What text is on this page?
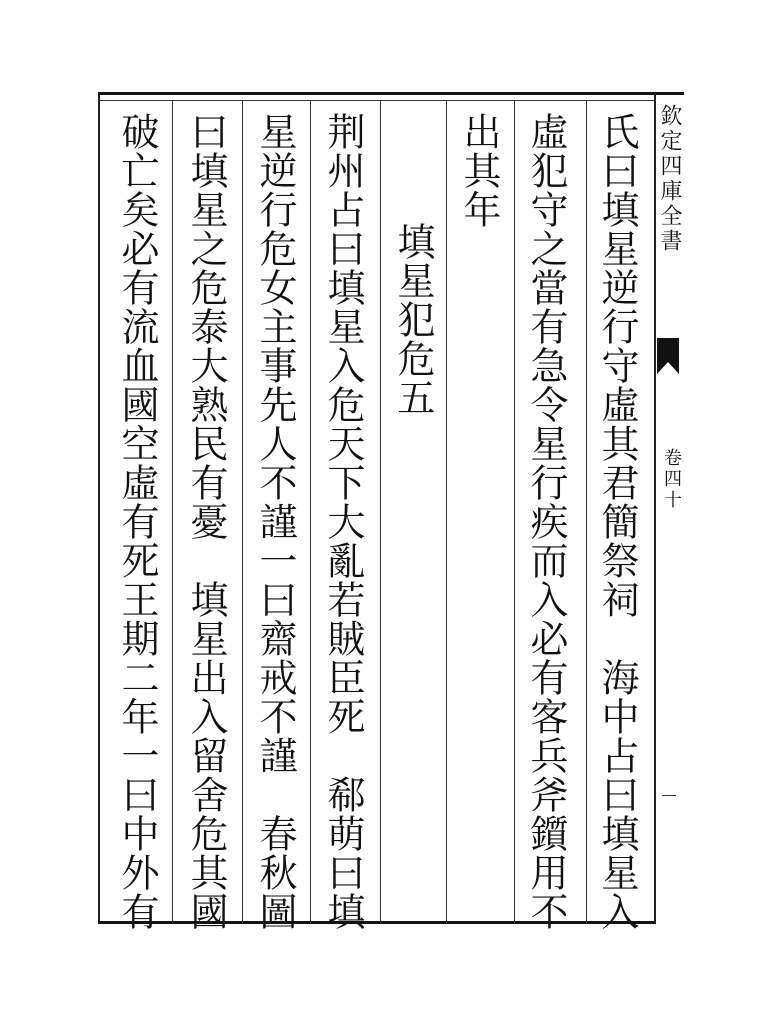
欽定四庫全書
卷四十
氏曰填星逆行守虛其君簡祭祠　海中占曰填星入
虛犯守之當有急令星行疾而入必有客兵斧鑕用不
出其年
填星犯危五
荆州占曰填星入危天下大亂若賊臣死　郗萌曰填
星逆行危女主事先人不謹一曰齋戒不謹　春秋圖
曰填星之危泰大熟民有憂　填星出入留舍危其國
破亡矣必有流血國空虛有死王期二年一曰中外有
